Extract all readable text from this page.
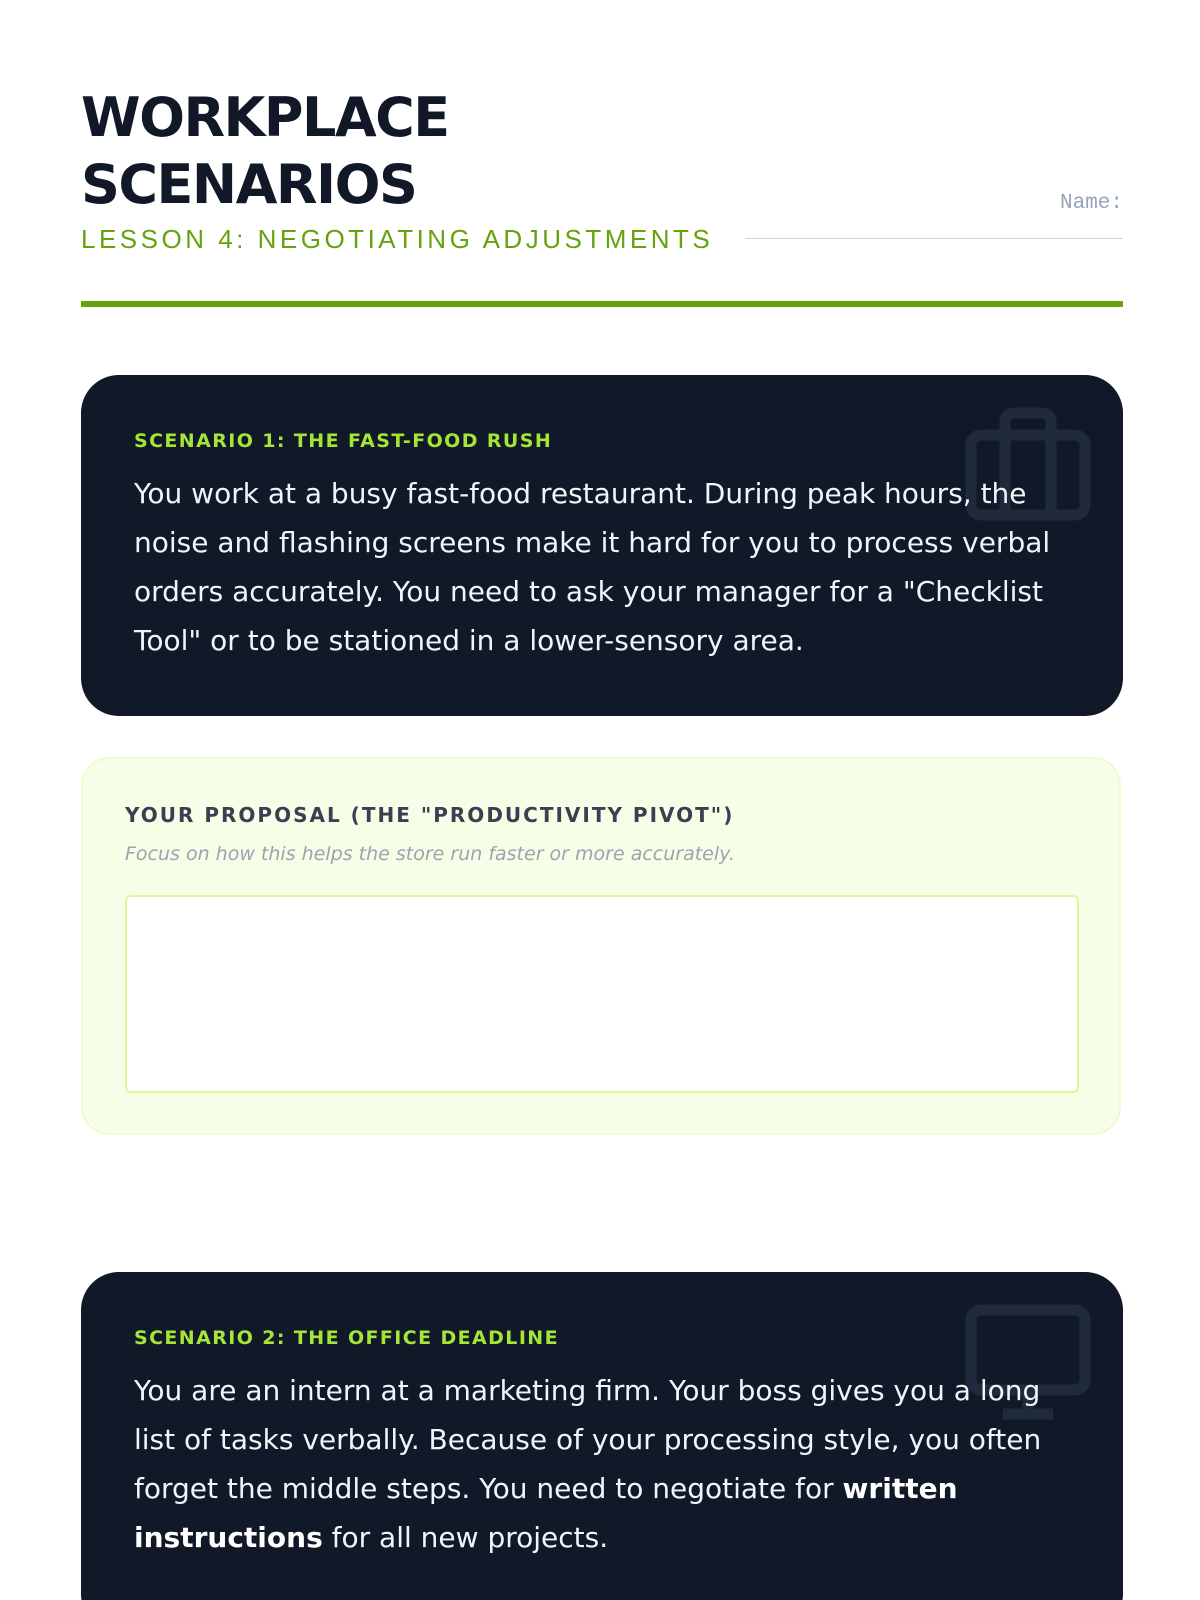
WORKPLACE SCENARIOS
LESSON 4: NEGOTIATING ADJUSTMENTS
Name:
SCENARIO 1: THE FAST-FOOD RUSH

You work at a busy fast-food restaurant. During peak hours, the noise and flashing screens make it hard for you to process verbal orders accurately. You need to ask your manager for a "Checklist Tool" or to be stationed in a lower-sensory area.

YOUR PROPOSAL (THE "PRODUCTIVITY PIVOT")
Focus on how this helps the store run faster or more accurately.
SCENARIO 2: THE OFFICE DEADLINE

You are an intern at a marketing firm. Your boss gives you a long list of tasks verbally. Because of your processing style, you often forget the middle steps. You need to negotiate for written instructions for all new projects.
